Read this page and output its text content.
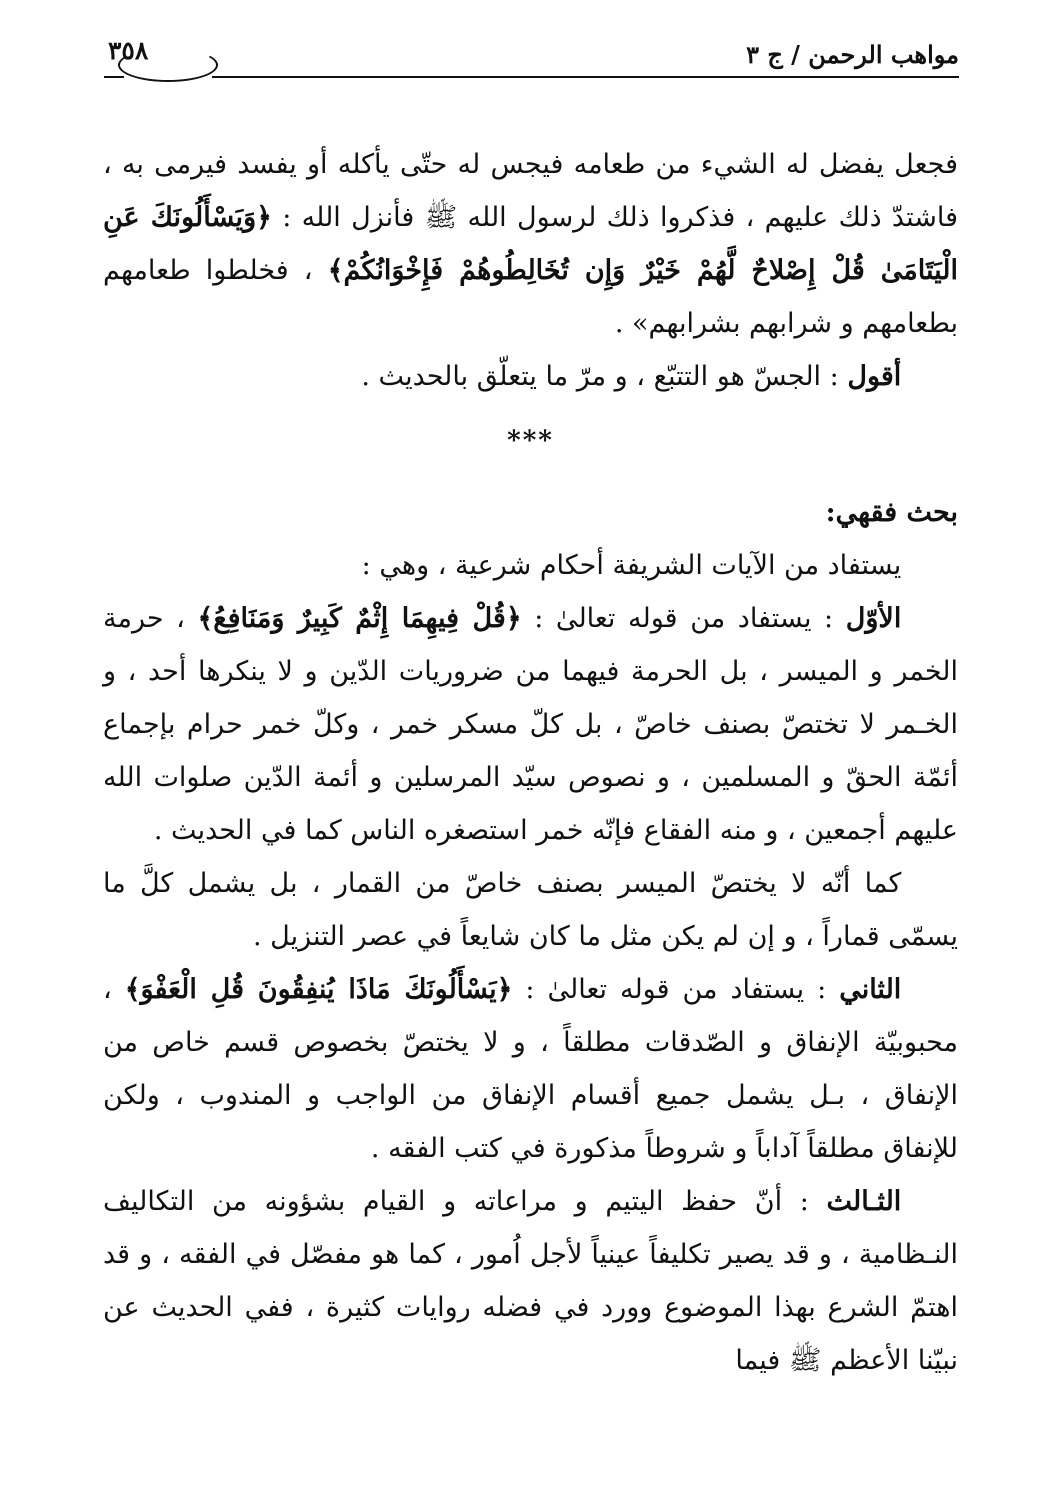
٣٥٨	مواهب الرحمن / ج ٣

فجعل يفضل له الشيء من طعامه فيجس له حتّى يأكله أو يفسد فيرمى به ، فاشتدّ ذلك عليهم ، فذكروا ذلك لرسول الله ﷺ فأنزل الله : ﴿وَيَسْأَلُونَكَ عَنِ الْيَتَامَىٰ قُلْ إِصْلاحٌ لَّهُمْ خَيْرٌ وَإِن تُخَالِطُوهُمْ فَإِخْوَانُكُمْ﴾ ، فخلطوا طعامهم بطعامهم و شرابهم بشرابهم» .

أقول : الجسّ هو التتبّع ، و مرّ ما يتعلّق بالحديث .

***

بحث فقهي:

يستفاد من الآيات الشريفة أحكام شرعية ، وهي :

الأوّل : يستفاد من قوله تعالىٰ : ﴿قُلْ فِيهِمَا إِثْمٌ كَبِيرٌ وَمَنَافِعُ﴾ ، حرمة الخمر و الميسر ، بل الحرمة فيهما من ضروريات الدّين و لا ينكرها أحد ، و الخـمر لا تختصّ بصنف خاصّ ، بل كلّ مسكر خمر ، وكلّ خمر حرام بإجماع أئمّة الحقّ و المسلمين ، و نصوص سيّد المرسلين و أئمة الدّين صلوات الله عليهم أجمعين ، و منه الفقاع فإنّه خمر استصغره الناس كما في الحديث .

كما أنّه لا يختصّ الميسر بصنف خاصّ من القمار ، بل يشمل كلَّ ما يسمّى قماراً ، و إن لم يكن مثل ما كان شايعاً في عصر التنزيل .

الثاني : يستفاد من قوله تعالىٰ : ﴿يَسْأَلُونَكَ مَاذَا يُنفِقُونَ قُلِ الْعَفْوَ﴾ ، محبوبيّة الإنفاق و الصّدقات مطلقاً ، و لا يختصّ بخصوص قسم خاص من الإنفاق ، بـل يشمل جميع أقسام الإنفاق من الواجب و المندوب ، ولكن للإنفاق مطلقاً آداباً و شروطاً مذكورة في كتب الفقه .

الثـالث : أنّ حفظ اليتيم و مراعاته و القيام بشؤونه من التكاليف النـظامية ، و قد يصير تكليفاً عينياً لأجل اُمور ، كما هو مفصّل في الفقه ، و قد اهتمّ الشرع بهذا الموضوع وورد في فضله روايات كثيرة ، ففي الحديث عن نبيّنا الأعظم ﷺ فيما
